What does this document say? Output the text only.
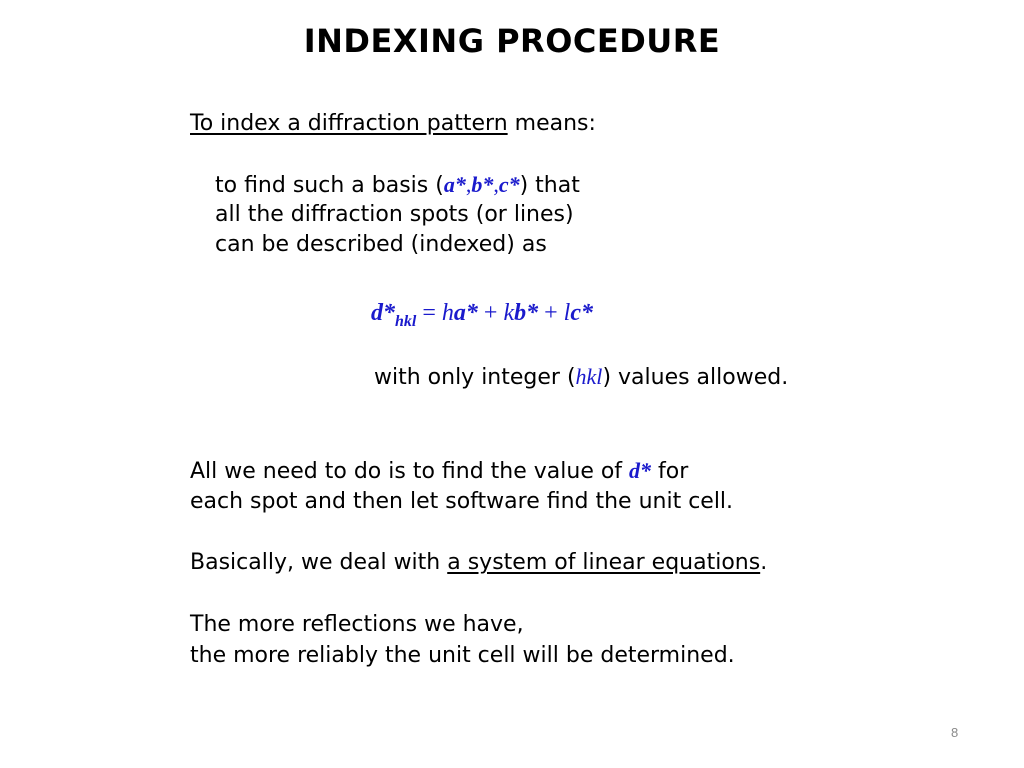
INDEXING PROCEDURE
To index a diffraction pattern means:
to find such a basis (a*,b*,c*) that
all the diffraction spots (or lines)
can be described (indexed) as
$d*_{hkl} = ha* + kb* + lc*$
with only integer (hkl) values allowed.
All we need to do is to find the value of d* for
each spot and then let software find the unit cell.
Basically, we deal with a system of linear equations.
The more reflections we have,
the more reliably the unit cell will be determined.
8
